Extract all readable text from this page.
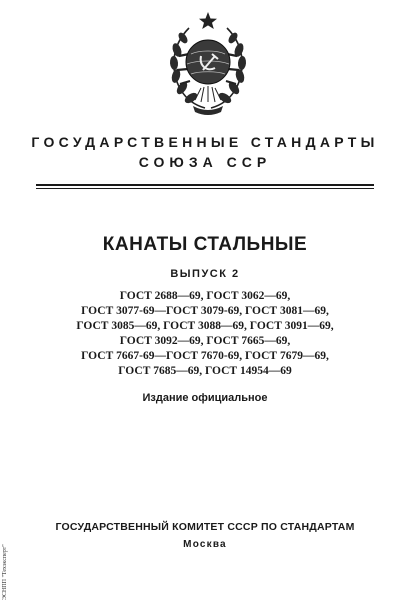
ГОСУДАРСТВЕННЫЕ СТАНДАРТЫ
СОЮЗА ССР
КАНАТЫ СТАЛЬНЫЕ
ВЫПУСК 2
ГОСТ 2688—69, ГОСТ 3062—69,
ГОСТ 3077-69—ГОСТ 3079-69, ГОСТ 3081—69,
ГОСТ 3085—69, ГОСТ 3088—69, ГОСТ 3091—69,
ГОСТ 3092—69, ГОСТ 7665—69,
ГОСТ 7667-69—ГОСТ 7670-69, ГОСТ 7679—69,
ГОСТ 7685—69, ГОСТ 14954—69
Издание официальное
ГОСУДАРСТВЕННЫЙ КОМИТЕТ СССР ПО СТАНДАРТАМ
Москва
ЭСНПП "Техэксперт"
